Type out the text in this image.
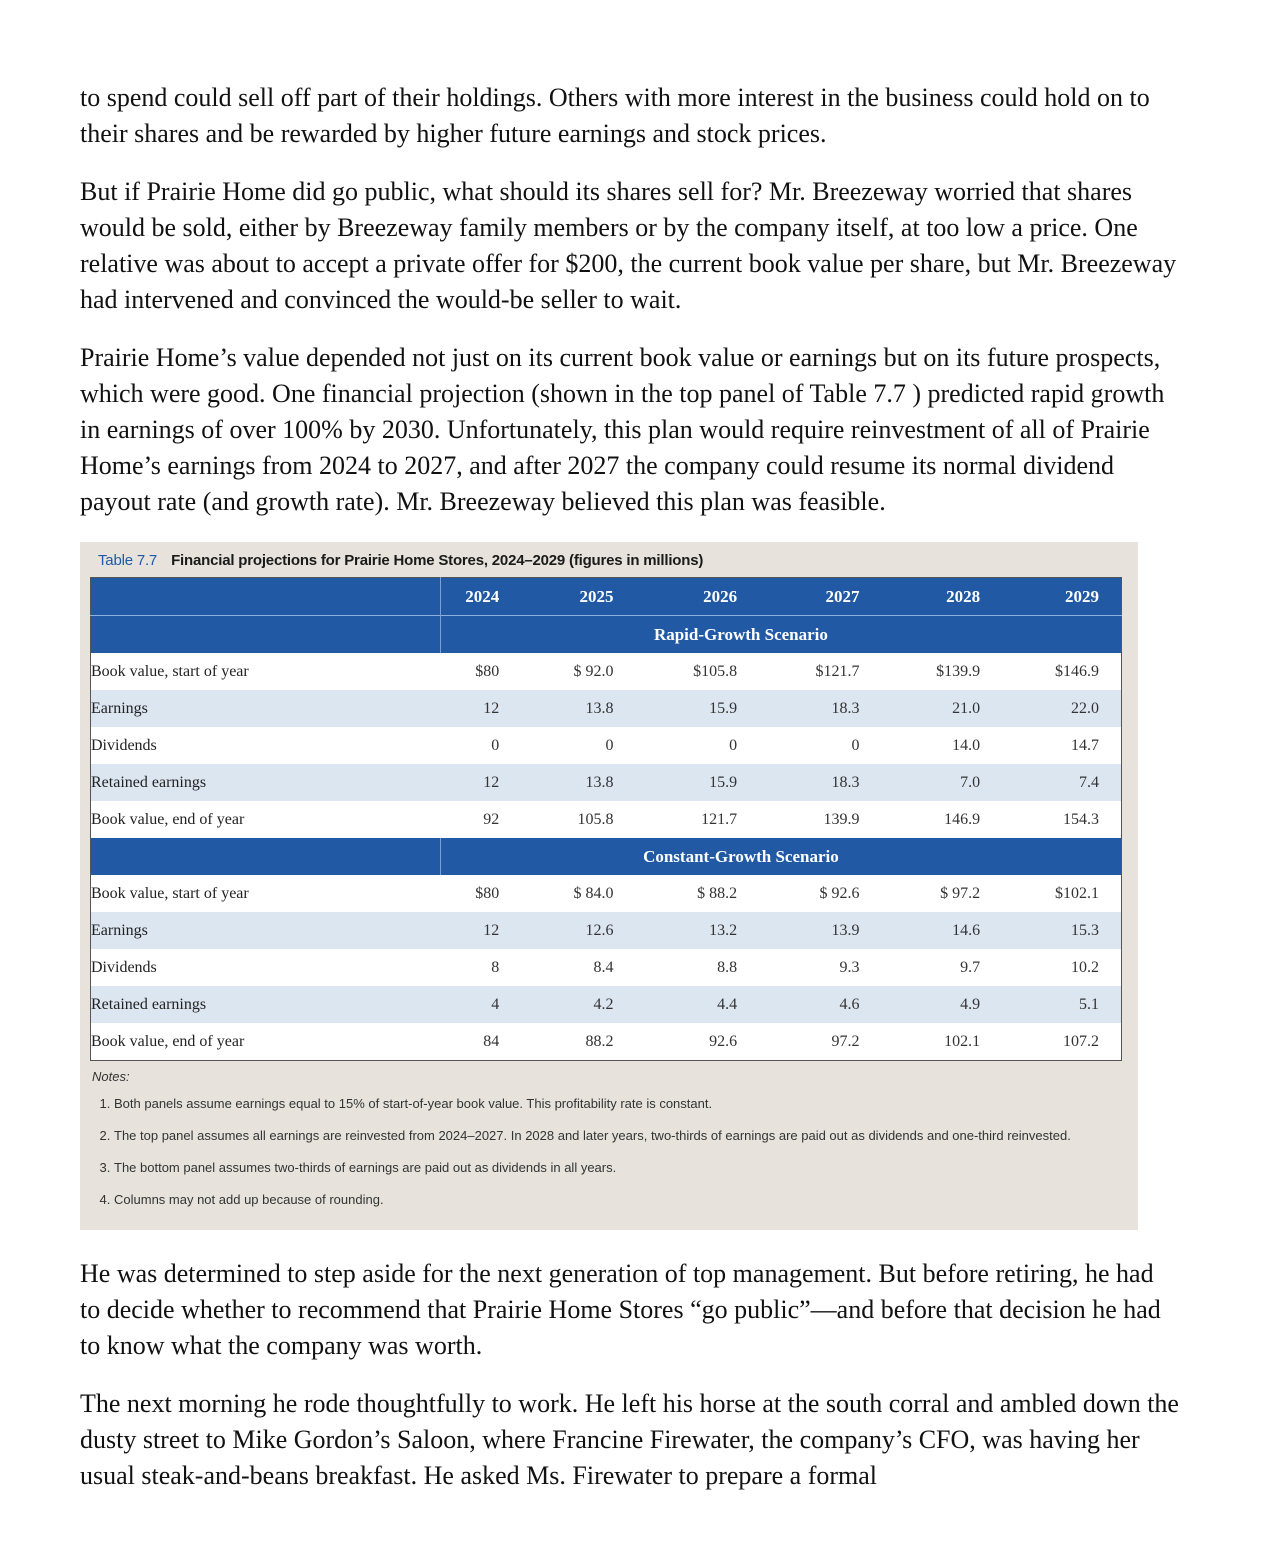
to spend could sell off part of their holdings. Others with more interest in the business could hold on to their shares and be rewarded by higher future earnings and stock prices.

But if Prairie Home did go public, what should its shares sell for? Mr. Breezeway worried that shares would be sold, either by Breezeway family members or by the company itself, at too low a price. One relative was about to accept a private offer for $200, the current book value per share, but Mr. Breezeway had intervened and convinced the would-be seller to wait.

Prairie Home’s value depended not just on its current book value or earnings but on its future prospects, which were good. One financial projection (shown in the top panel of Table 7.7 ) predicted rapid growth in earnings of over 100% by 2030. Unfortunately, this plan would require reinvestment of all of Prairie Home’s earnings from 2024 to 2027, and after 2027 the company could resume its normal dividend payout rate (and growth rate). Mr. Breezeway believed this plan was feasible.

Table 7.7 Financial projections for Prairie Home Stores, 2024–2029 (figures in millions)
	2024	2025	2026	2027	2028	2029
	Rapid-Growth Scenario					
Book value, start of year	$80	$ 92.0	$105.8	$121.7	$139.9	$146.9
Earnings	12	13.8	15.9	18.3	21.0	22.0
Dividends	0	0	0	0	14.0	14.7
Retained earnings	12	13.8	15.9	18.3	7.0	7.4
Book value, end of year	92	105.8	121.7	139.9	146.9	154.3
	Constant-Growth Scenario					
Book value, start of year	$80	$ 84.0	$ 88.2	$ 92.6	$ 97.2	$102.1
Earnings	12	12.6	13.2	13.9	14.6	15.3
Dividends	8	8.4	8.8	9.3	9.7	10.2
Retained earnings	4	4.2	4.4	4.6	4.9	5.1
Book value, end of year	84	88.2	92.6	97.2	102.1	107.2
Notes:
1. Both panels assume earnings equal to 15% of start-of-year book value. This profitability rate is constant.
2. The top panel assumes all earnings are reinvested from 2024–2027. In 2028 and later years, two-thirds of earnings are paid out as dividends and one-third reinvested.
3. The bottom panel assumes two-thirds of earnings are paid out as dividends in all years.
4. Columns may not add up because of rounding.

He was determined to step aside for the next generation of top management. But before retiring, he had to decide whether to recommend that Prairie Home Stores “go public”—and before that decision he had to know what the company was worth.

The next morning he rode thoughtfully to work. He left his horse at the south corral and ambled down the dusty street to Mike Gordon’s Saloon, where Francine Firewater, the company’s CFO, was having her usual steak-and-beans breakfast. He asked Ms. Firewater to prepare a formal
